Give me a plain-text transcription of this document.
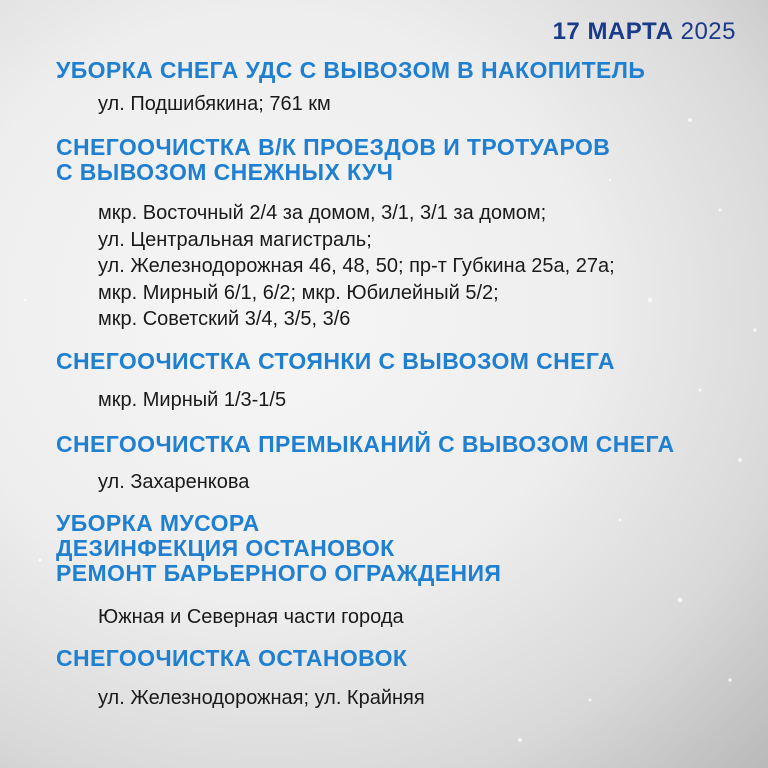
17 МАРТА 2025
УБОРКА СНЕГА УДС С ВЫВОЗОМ В НАКОПИТЕЛЬ
ул. Подшибякина; 761 км
СНЕГООЧИСТКА В/К ПРОЕЗДОВ И ТРОТУАРОВ
С ВЫВОЗОМ СНЕЖНЫХ КУЧ
мкр. Восточный 2/4 за домом, 3/1, 3/1 за домом;
ул. Центральная магистраль;
ул. Железнодорожная 46, 48, 50; пр-т Губкина 25а, 27а;
мкр. Мирный 6/1, 6/2; мкр. Юбилейный 5/2;
мкр. Советский 3/4, 3/5, 3/6
СНЕГООЧИСТКА СТОЯНКИ С ВЫВОЗОМ СНЕГА
мкр. Мирный 1/3-1/5
СНЕГООЧИСТКА ПРЕМЫКАНИЙ С ВЫВОЗОМ СНЕГА
ул. Захаренкова
УБОРКА МУСОРА
ДЕЗИНФЕКЦИЯ ОСТАНОВОК
РЕМОНТ БАРЬЕРНОГО ОГРАЖДЕНИЯ
Южная и Северная части города
СНЕГООЧИСТКА ОСТАНОВОК
ул. Железнодорожная; ул. Крайняя
